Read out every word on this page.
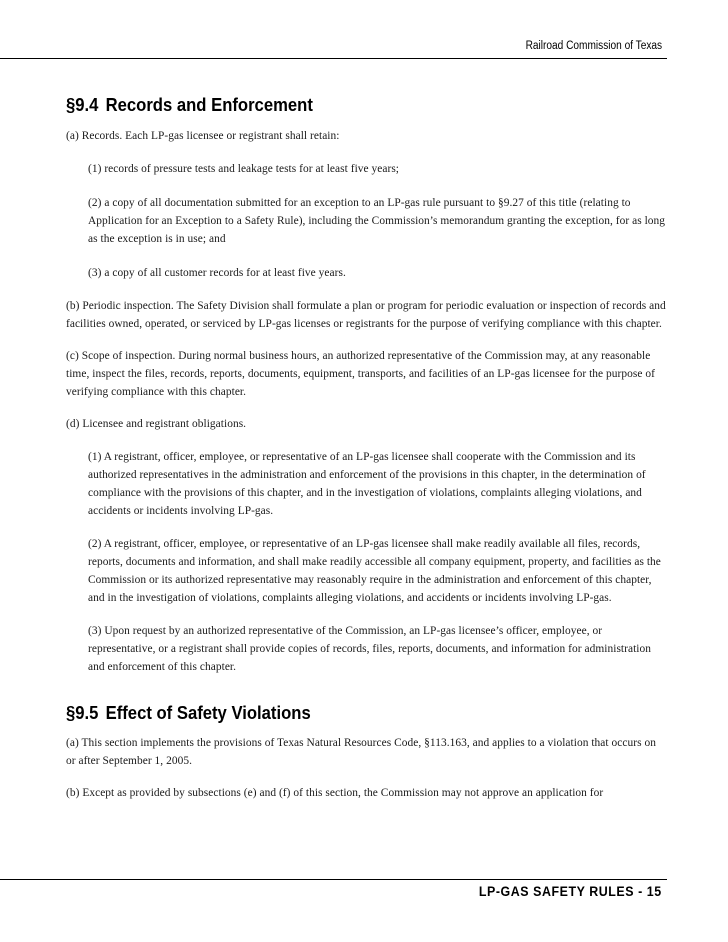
Railroad Commission of Texas
§9.4 Records and Enforcement

(a) Records. Each LP-gas licensee or registrant shall retain:

(1) records of pressure tests and leakage tests for at least five years;

(2) a copy of all documentation submitted for an exception to an LP-gas rule pursuant to §9.27 of this title (relating to Application for an Exception to a Safety Rule), including the Commission’s memorandum granting the exception, for as long as the exception is in use; and

(3) a copy of all customer records for at least five years.

(b) Periodic inspection. The Safety Division shall formulate a plan or program for periodic evaluation or inspection of records and facilities owned, operated, or serviced by LP-gas licenses or registrants for the purpose of verifying compliance with this chapter.

(c) Scope of inspection. During normal business hours, an authorized representative of the Commission may, at any reasonable time, inspect the files, records, reports, documents, equipment, transports, and facilities of an LP-gas licensee for the purpose of verifying compliance with this chapter.

(d) Licensee and registrant obligations.

(1) A registrant, officer, employee, or representative of an LP-gas licensee shall cooperate with the Commission and its authorized representatives in the administration and enforcement of the provisions in this chapter, in the determination of compliance with the provisions of this chapter, and in the investigation of violations, complaints alleging violations, and accidents or incidents involving LP-gas.

(2) A registrant, officer, employee, or representative of an LP-gas licensee shall make readily available all files, records, reports, documents and information, and shall make readily accessible all company equipment, property, and facilities as the Commission or its authorized representative may reasonably require in the administration and enforcement of this chapter, and in the investigation of violations, complaints alleging violations, and accidents or incidents involving LP-gas.

(3) Upon request by an authorized representative of the Commission, an LP-gas licensee’s officer, employee, or representative, or a registrant shall provide copies of records, files, reports, documents, and information for administration and enforcement of this chapter.

§9.5 Effect of Safety Violations

(a) This section implements the provisions of Texas Natural Resources Code, §113.163, and applies to a violation that occurs on or after September 1, 2005.

(b) Except as provided by subsections (e) and (f) of this section, the Commission may not approve an application for

LP-GAS SAFETY RULES - 15
